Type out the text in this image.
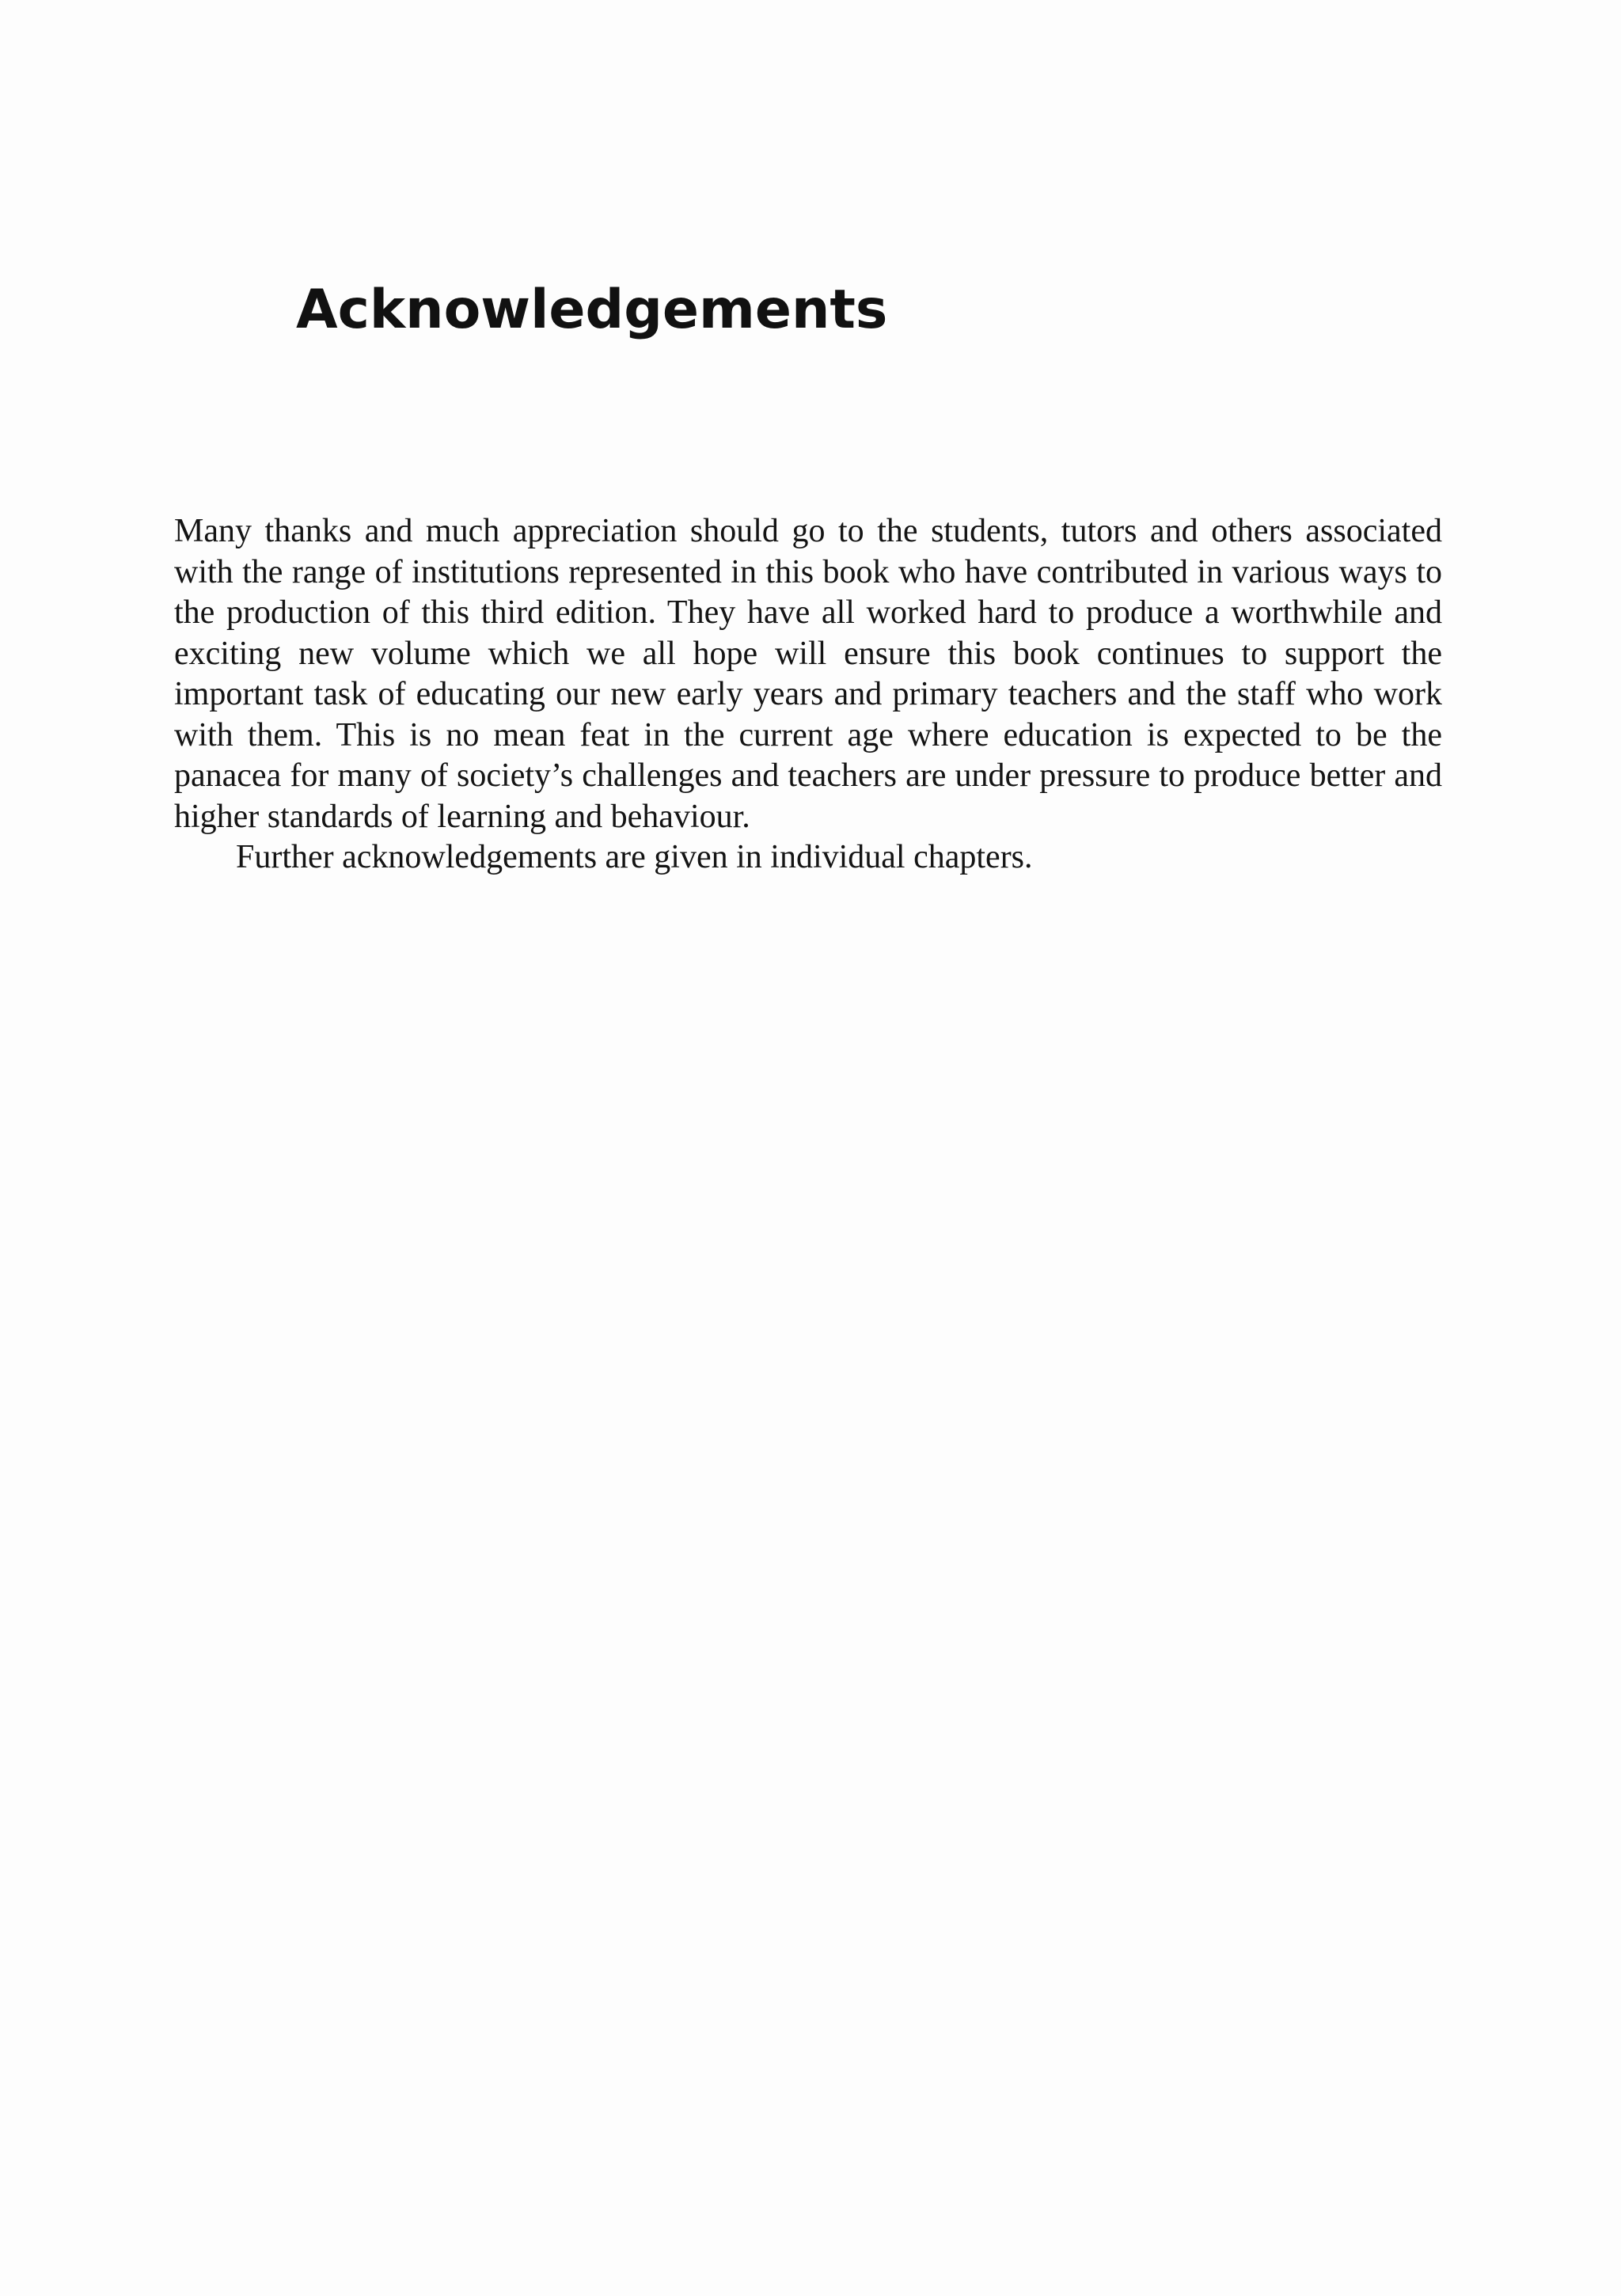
Acknowledgements

Many thanks and much appreciation should go to the students, tutors and others associated with the range of institutions represented in this book who have contributed in various ways to the production of this third edition. They have all worked hard to produce a worthwhile and exciting new volume which we all hope will ensure this book continues to support the important task of educating our new early years and primary teachers and the staff who work with them. This is no mean feat in the current age where education is expected to be the panacea for many of society’s challenges and teachers are under pressure to produce better and higher standards of learning and behaviour.

Further acknowledgements are given in individual chapters.
